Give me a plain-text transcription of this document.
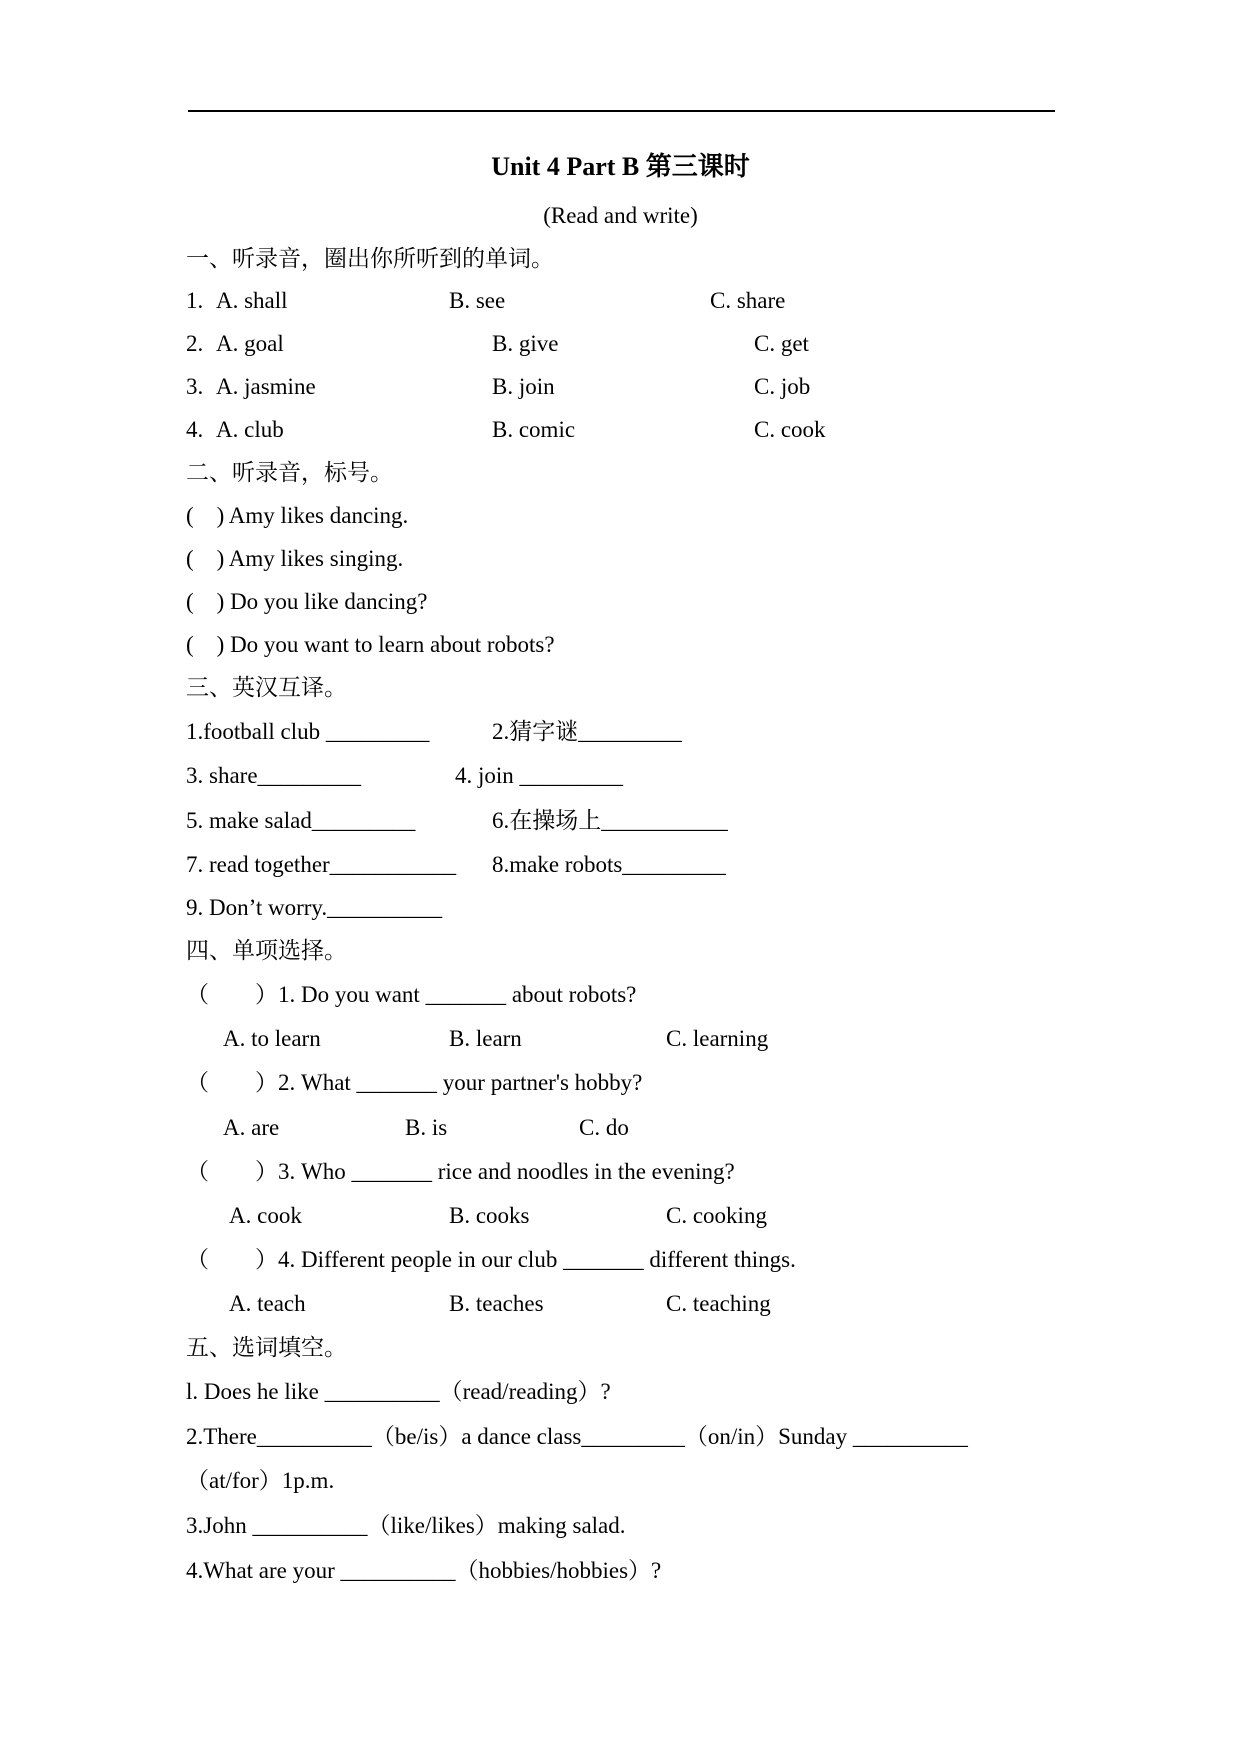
Unit 4 Part B 第三课时
(Read and write)
一、听录音，圈出你所听到的单词。
1. A. shall	B. see	C. share
2. A. goal	B. give	C. get
3. A. jasmine	B. join	C. job
4. A. club	B. comic	C. cook
二、听录音，标号。
(    ) Amy likes dancing.
(    ) Amy likes singing.
(    ) Do you like dancing?
(    ) Do you want to learn about robots?
三、英汉互译。
1.football club _________	2.猜字谜_________
3. share_________	4. join _________
5. make salad_________	6.在操场上___________
7. read together___________ 8.make robots_________
9. Don’t worry.__________
四、单项选择。
（        ）1. Do you want _______ about robots?
A. to learn	B. learn	C. learning
（        ）2. What _______ your partner's hobby?
A. are	B. is	C. do
（        ）3. Who _______ rice and noodles in the evening?
A. cook	B. cooks	C. cooking
（        ）4. Different people in our club _______ different things.
A. teach	B. teaches	C. teaching
五、选词填空。
l. Does he like __________（read/reading）?
2.There__________（be/is）a dance class_________（on/in）Sunday __________
（at/for）1p.m.
3.John __________（like/likes）making salad.
4.What are your __________（hobbies/hobbies）?
